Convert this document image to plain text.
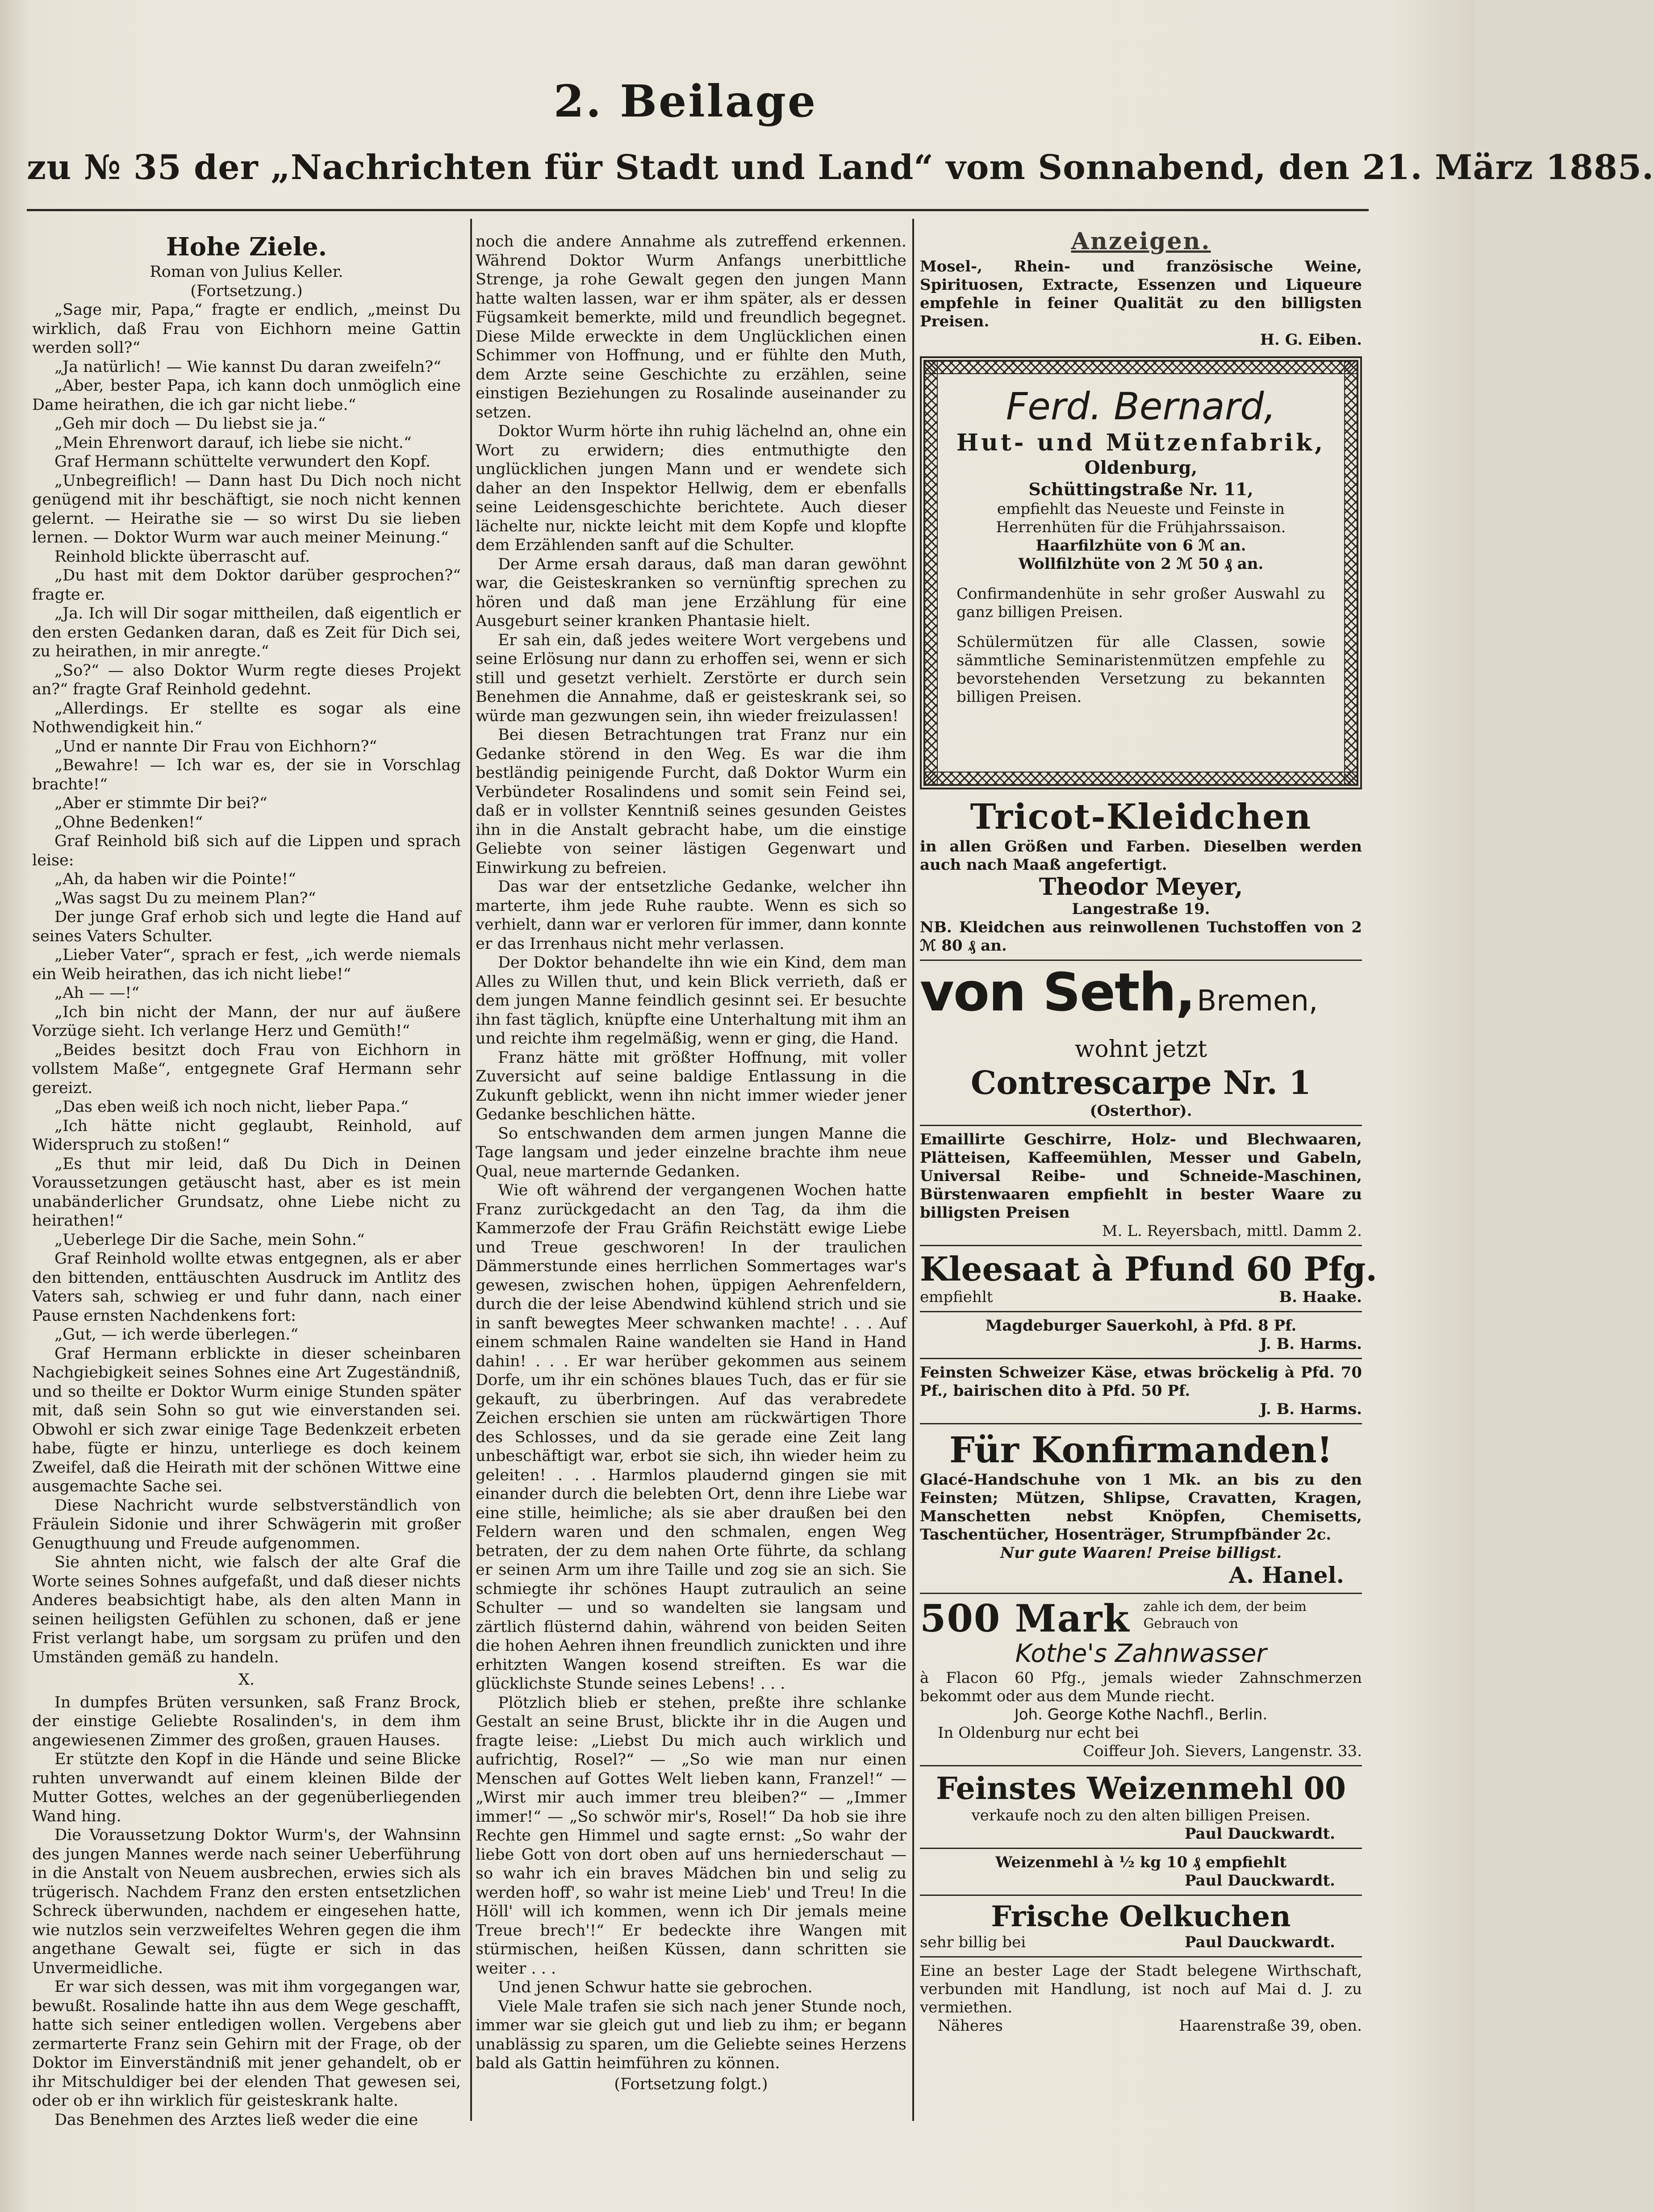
2. Beilage
zu № 35 der „Nachrichten für Stadt und Land“ vom Sonnabend, den 21. März 1885.
Hohe Ziele.

Roman von Julius Keller.

(Fortsetzung.)

„Sage mir, Papa,“ fragte er endlich, „meinst Du wirklich, daß Frau von Eichhorn meine Gattin werden soll?“

„Ja natürlich! — Wie kannst Du daran zweifeln?“

„Aber, bester Papa, ich kann doch unmöglich eine Dame heirathen, die ich gar nicht liebe.“

„Geh mir doch — Du liebst sie ja.“

„Mein Ehrenwort darauf, ich liebe sie nicht.“

Graf Hermann schüttelte verwundert den Kopf.

„Unbegreiflich! — Dann hast Du Dich noch nicht genügend mit ihr beschäftigt, sie noch nicht kennen gelernt. — Heirathe sie — so wirst Du sie lieben lernen. — Doktor Wurm war auch meiner Meinung.“

Reinhold blickte überrascht auf.

„Du hast mit dem Doktor darüber gesprochen?“ fragte er.

„Ja. Ich will Dir sogar mittheilen, daß eigentlich er den ersten Gedanken daran, daß es Zeit für Dich sei, zu heirathen, in mir anregte.“

„So?“ — also Doktor Wurm regte dieses Projekt an?“ fragte Graf Reinhold gedehnt.

„Allerdings. Er stellte es sogar als eine Nothwendigkeit hin.“

„Und er nannte Dir Frau von Eichhorn?“

„Bewahre! — Ich war es, der sie in Vorschlag brachte!“

„Aber er stimmte Dir bei?“

„Ohne Bedenken!“

Graf Reinhold biß sich auf die Lippen und sprach leise:

„Ah, da haben wir die Pointe!“

„Was sagst Du zu meinem Plan?“

Der junge Graf erhob sich und legte die Hand auf seines Vaters Schulter.

„Lieber Vater“, sprach er fest, „ich werde niemals ein Weib heirathen, das ich nicht liebe!“

„Ah — —!“

„Ich bin nicht der Mann, der nur auf äußere Vorzüge sieht. Ich verlange Herz und Gemüth!“

„Beides besitzt doch Frau von Eichhorn in vollstem Maße“, entgegnete Graf Hermann sehr gereizt.

„Das eben weiß ich noch nicht, lieber Papa.“

„Ich hätte nicht geglaubt, Reinhold, auf Widerspruch zu stoßen!“

„Es thut mir leid, daß Du Dich in Deinen Voraussetzungen getäuscht hast, aber es ist mein unabänderlicher Grundsatz, ohne Liebe nicht zu heirathen!“

„Ueberlege Dir die Sache, mein Sohn.“

Graf Reinhold wollte etwas entgegnen, als er aber den bittenden, enttäuschten Ausdruck im Antlitz des Vaters sah, schwieg er und fuhr dann, nach einer Pause ernsten Nachdenkens fort:

„Gut, — ich werde überlegen.“

Graf Hermann erblickte in dieser scheinbaren Nachgiebigkeit seines Sohnes eine Art Zugeständniß, und so theilte er Doktor Wurm einige Stunden später mit, daß sein Sohn so gut wie einverstanden sei. Obwohl er sich zwar einige Tage Bedenkzeit erbeten habe, fügte er hinzu, unterliege es doch keinem Zweifel, daß die Heirath mit der schönen Wittwe eine ausgemachte Sache sei.

Diese Nachricht wurde selbstverständlich von Fräulein Sidonie und ihrer Schwägerin mit großer Genugthuung und Freude aufgenommen.

Sie ahnten nicht, wie falsch der alte Graf die Worte seines Sohnes aufgefaßt, und daß dieser nichts Anderes beabsichtigt habe, als den alten Mann in seinen heiligsten Gefühlen zu schonen, daß er jene Frist verlangt habe, um sorgsam zu prüfen und den Umständen gemäß zu handeln.

X.

In dumpfes Brüten versunken, saß Franz Brock, der einstige Geliebte Rosalinden's, in dem ihm angewiesenen Zimmer des großen, grauen Hauses.

Er stützte den Kopf in die Hände und seine Blicke ruhten unverwandt auf einem kleinen Bilde der Mutter Gottes, welches an der gegenüberliegenden Wand hing.

Die Voraussetzung Doktor Wurm's, der Wahnsinn des jungen Mannes werde nach seiner Ueberführung in die Anstalt von Neuem ausbrechen, erwies sich als trügerisch. Nachdem Franz den ersten entsetzlichen Schreck überwunden, nachdem er eingesehen hatte, wie nutzlos sein verzweifeltes Wehren gegen die ihm angethane Gewalt sei, fügte er sich in das Unvermeidliche.

Er war sich dessen, was mit ihm vorgegangen war, bewußt. Rosalinde hatte ihn aus dem Wege geschafft, hatte sich seiner entledigen wollen. Vergebens aber zermarterte Franz sein Gehirn mit der Frage, ob der Doktor im Einverständniß mit jener gehandelt, ob er ihr Mitschuldiger bei der elenden That gewesen sei, oder ob er ihn wirklich für geisteskrank halte.

Das Benehmen des Arztes ließ weder die eine

noch die andere Annahme als zutreffend erkennen. Während Doktor Wurm Anfangs unerbittliche Strenge, ja rohe Gewalt gegen den jungen Mann hatte walten lassen, war er ihm später, als er dessen Fügsamkeit bemerkte, mild und freundlich begegnet. Diese Milde erweckte in dem Unglücklichen einen Schimmer von Hoffnung, und er fühlte den Muth, dem Arzte seine Geschichte zu erzählen, seine einstigen Beziehungen zu Rosalinde auseinander zu setzen.

Doktor Wurm hörte ihn ruhig lächelnd an, ohne ein Wort zu erwidern; dies entmuthigte den unglücklichen jungen Mann und er wendete sich daher an den Inspektor Hellwig, dem er ebenfalls seine Leidensgeschichte berichtete. Auch dieser lächelte nur, nickte leicht mit dem Kopfe und klopfte dem Erzählenden sanft auf die Schulter.

Der Arme ersah daraus, daß man daran gewöhnt war, die Geisteskranken so vernünftig sprechen zu hören und daß man jene Erzählung für eine Ausgeburt seiner kranken Phantasie hielt.

Er sah ein, daß jedes weitere Wort vergebens und seine Erlösung nur dann zu erhoffen sei, wenn er sich still und gesetzt verhielt. Zerstörte er durch sein Benehmen die Annahme, daß er geisteskrank sei, so würde man gezwungen sein, ihn wieder freizulassen!

Bei diesen Betrachtungen trat Franz nur ein Gedanke störend in den Weg. Es war die ihm bestländig peinigende Furcht, daß Doktor Wurm ein Verbündeter Rosalindens und somit sein Feind sei, daß er in vollster Kenntniß seines gesunden Geistes ihn in die Anstalt gebracht habe, um die einstige Geliebte von seiner lästigen Gegenwart und Einwirkung zu befreien.

Das war der entsetzliche Gedanke, welcher ihn marterte, ihm jede Ruhe raubte. Wenn es sich so verhielt, dann war er verloren für immer, dann konnte er das Irrenhaus nicht mehr verlassen.

Der Doktor behandelte ihn wie ein Kind, dem man Alles zu Willen thut, und kein Blick verrieth, daß er dem jungen Manne feindlich gesinnt sei. Er besuchte ihn fast täglich, knüpfte eine Unterhaltung mit ihm an und reichte ihm regelmäßig, wenn er ging, die Hand.

Franz hätte mit größter Hoffnung, mit voller Zuversicht auf seine baldige Entlassung in die Zukunft geblickt, wenn ihn nicht immer wieder jener Gedanke beschlichen hätte.

So entschwanden dem armen jungen Manne die Tage langsam und jeder einzelne brachte ihm neue Qual, neue marternde Gedanken.

Wie oft während der vergangenen Wochen hatte Franz zurückgedacht an den Tag, da ihm die Kammerzofe der Frau Gräfin Reichstätt ewige Liebe und Treue geschworen! In der traulichen Dämmerstunde eines herrlichen Sommertages war's gewesen, zwischen hohen, üppigen Aehrenfeldern, durch die der leise Abendwind kühlend strich und sie in sanft bewegtes Meer schwanken machte! . . . Auf einem schmalen Raine wandelten sie Hand in Hand dahin! . . . Er war herüber gekommen aus seinem Dorfe, um ihr ein schönes blaues Tuch, das er für sie gekauft, zu überbringen. Auf das verabredete Zeichen erschien sie unten am rückwärtigen Thore des Schlosses, und da sie gerade eine Zeit lang unbeschäftigt war, erbot sie sich, ihn wieder heim zu geleiten! . . . Harmlos plaudernd gingen sie mit einander durch die belebten Ort, denn ihre Liebe war eine stille, heimliche; als sie aber draußen bei den Feldern waren und den schmalen, engen Weg betraten, der zu dem nahen Orte führte, da schlang er seinen Arm um ihre Taille und zog sie an sich. Sie schmiegte ihr schönes Haupt zutraulich an seine Schulter — und so wandelten sie langsam und zärtlich flüsternd dahin, während von beiden Seiten die hohen Aehren ihnen freundlich zunickten und ihre erhitzten Wangen kosend streiften. Es war die glücklichste Stunde seines Lebens! . . .

Plötzlich blieb er stehen, preßte ihre schlanke Gestalt an seine Brust, blickte ihr in die Augen und fragte leise: „Liebst Du mich auch wirklich und aufrichtig, Rosel?“ — „So wie man nur einen Menschen auf Gottes Welt lieben kann, Franzel!“ — „Wirst mir auch immer treu bleiben?“ — „Immer immer!“ — „So schwör mir's, Rosel!“ Da hob sie ihre Rechte gen Himmel und sagte ernst: „So wahr der liebe Gott von dort oben auf uns herniederschaut — so wahr ich ein braves Mädchen bin und selig zu werden hoff', so wahr ist meine Lieb' und Treu! In die Höll' will ich kommen, wenn ich Dir jemals meine Treue brech'!“ Er bedeckte ihre Wangen mit stürmischen, heißen Küssen, dann schritten sie weiter . . .

Und jenen Schwur hatte sie gebrochen.

Viele Male trafen sie sich nach jener Stunde noch, immer war sie gleich gut und lieb zu ihm; er begann unablässig zu sparen, um die Geliebte seines Herzens bald als Gattin heimführen zu können.

(Fortsetzung folgt.)

Anzeigen.
Mosel-, Rhein- und französische Weine, Spirituosen, Extracte, Essenzen und Liqueure empfehle in feiner Qualität zu den billigsten Preisen.
H. G. Eiben.
Ferd. Bernard,
Hut- und Mützenfabrik,
Oldenburg,
Schüttingstraße Nr. 11,
empfiehlt das Neueste und Feinste in Herrenhüten für die Frühjahrssaison.
Haarfilzhüte von 6 ℳ an.
Wollfilzhüte von 2 ℳ 50 ₰ an.
Confirmandenhüte in sehr großer Auswahl zu ganz billigen Preisen.
Schülermützen für alle Classen, sowie sämmtliche Seminaristenmützen empfehle zu bevorstehenden Versetzung zu bekannten billigen Preisen.
Tricot-Kleidchen
in allen Größen und Farben. Dieselben werden auch nach Maaß angefertigt.
Theodor Meyer,
Langestraße 19.
NB. Kleidchen aus reinwollenen Tuchstoffen von 2 ℳ 80 ₰ an.
von Seth, Bremen,
wohnt jetzt
Contrescarpe Nr. 1
(Osterthor).
Emaillirte Geschirre, Holz- und Blechwaaren, Plätteisen, Kaffeemühlen, Messer und Gabeln, Universal Reibe- und Schneide-Maschinen, Bürstenwaaren empfiehlt in bester Waare zu billigsten Preisen
M. L. Reyersbach, mittl. Damm 2.
Kleesaat à Pfund 60 Pfg.
empfiehlt	B. Haake.
Magdeburger Sauerkohl, à Pfd. 8 Pf.
J. B. Harms.
Feinsten Schweizer Käse, etwas bröckelig à Pfd. 70 Pf., bairischen dito à Pfd. 50 Pf.
J. B. Harms.
Für Konfirmanden!
Glacé-Handschuhe von 1 Mk. an bis zu den Feinsten; Mützen, Shlipse, Cravatten, Kragen, Manschetten nebst Knöpfen, Chemisetts, Taschentücher, Hosenträger, Strumpfbänder 2c.
Nur gute Waaren! Preise billigst.
A. Hanel.
500 Mark zahle ich dem, der beim Gebrauch von
Kothe's Zahnwasser
à Flacon 60 Pfg., jemals wieder Zahnschmerzen bekommt oder aus dem Munde riecht.
Joh. George Kothe Nachfl., Berlin.
In Oldenburg nur echt bei
Coiffeur Joh. Sievers, Langenstr. 33.
Feinstes Weizenmehl 00
verkaufe noch zu den alten billigen Preisen.
Paul Dauckwardt.
Weizenmehl à ½ kg 10 ₰ empfiehlt
Paul Dauckwardt.
Frische Oelkuchen
sehr billig bei	Paul Dauckwardt.
Eine an bester Lage der Stadt belegene Wirthschaft, verbunden mit Handlung, ist noch auf Mai d. J. zu vermiethen.
Näheres	Haarenstraße 39, oben.
